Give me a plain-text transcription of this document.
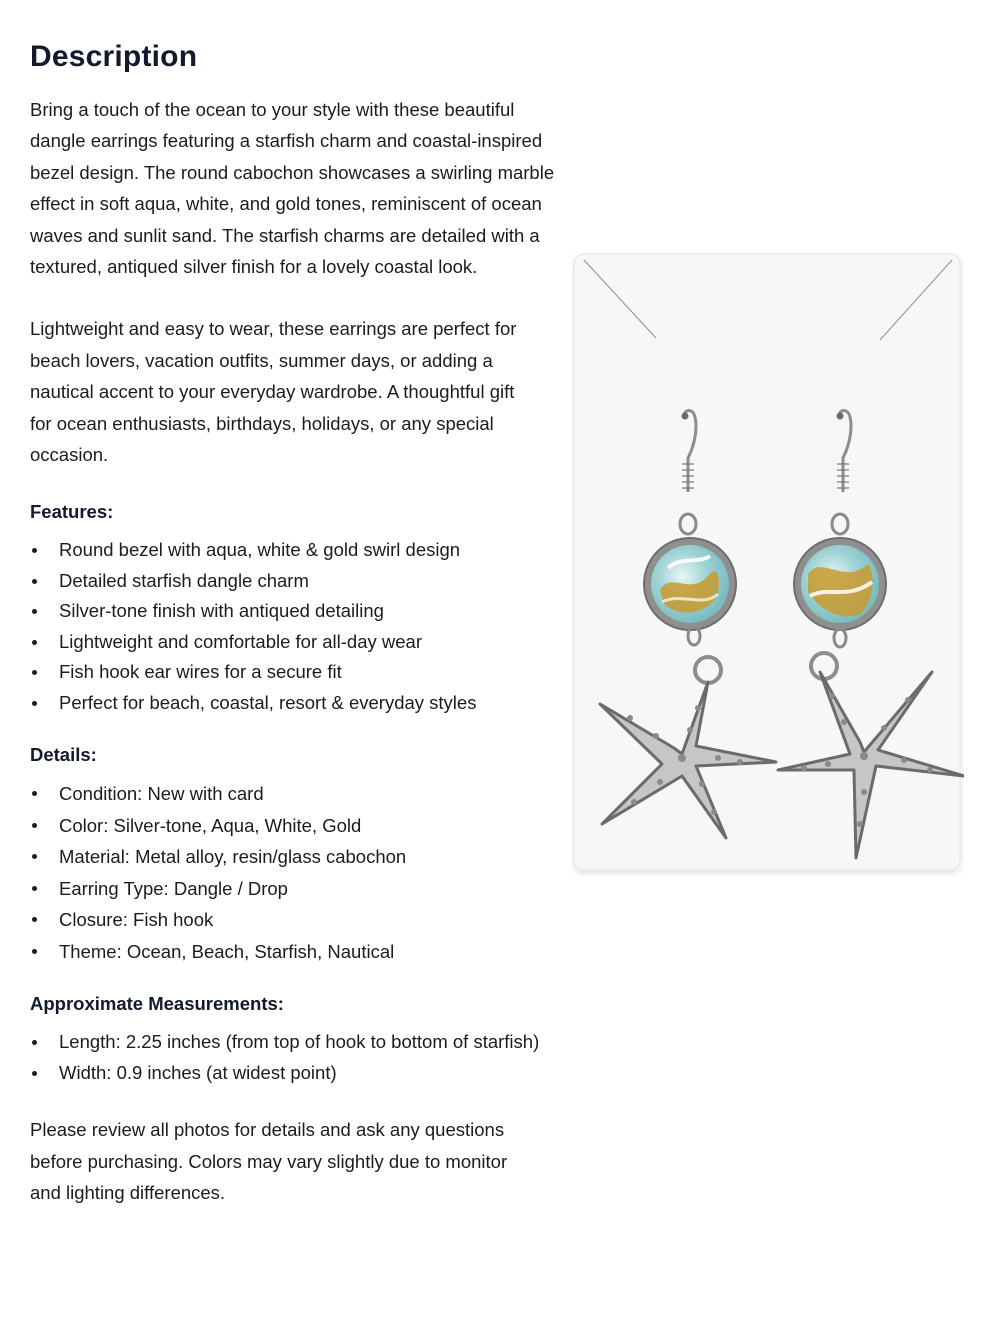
Description

Bring a touch of the ocean to your style with these beautiful dangle earrings featuring a starfish charm and coastal-inspired bezel design. The round cabochon showcases a swirling marble effect in soft aqua, white, and gold tones, reminiscent of ocean waves and sunlit sand. The starfish charms are detailed with a textured, antiqued silver finish for a lovely coastal look.

Lightweight and easy to wear, these earrings are perfect for beach lovers, vacation outfits, summer days, or adding a nautical accent to your everyday wardrobe. A thoughtful gift for ocean enthusiasts, birthdays, holidays, or any special occasion.

Features:
Round bezel with aqua, white & gold swirl design
Detailed starfish dangle charm
Silver-tone finish with antiqued detailing
Lightweight and comfortable for all-day wear
Fish hook ear wires for a secure fit
Perfect for beach, coastal, resort & everyday styles
Details:
Condition: New with card
Color: Silver-tone, Aqua, White, Gold
Material: Metal alloy, resin/glass cabochon
Earring Type: Dangle / Drop
Closure: Fish hook
Theme: Ocean, Beach, Starfish, Nautical
Approximate Measurements:
Length: 2.25 inches (from top of hook to bottom of starfish)
Width: 0.9 inches (at widest point)

Please review all photos for details and ask any questions before purchasing. Colors may vary slightly due to monitor and lighting differences.
